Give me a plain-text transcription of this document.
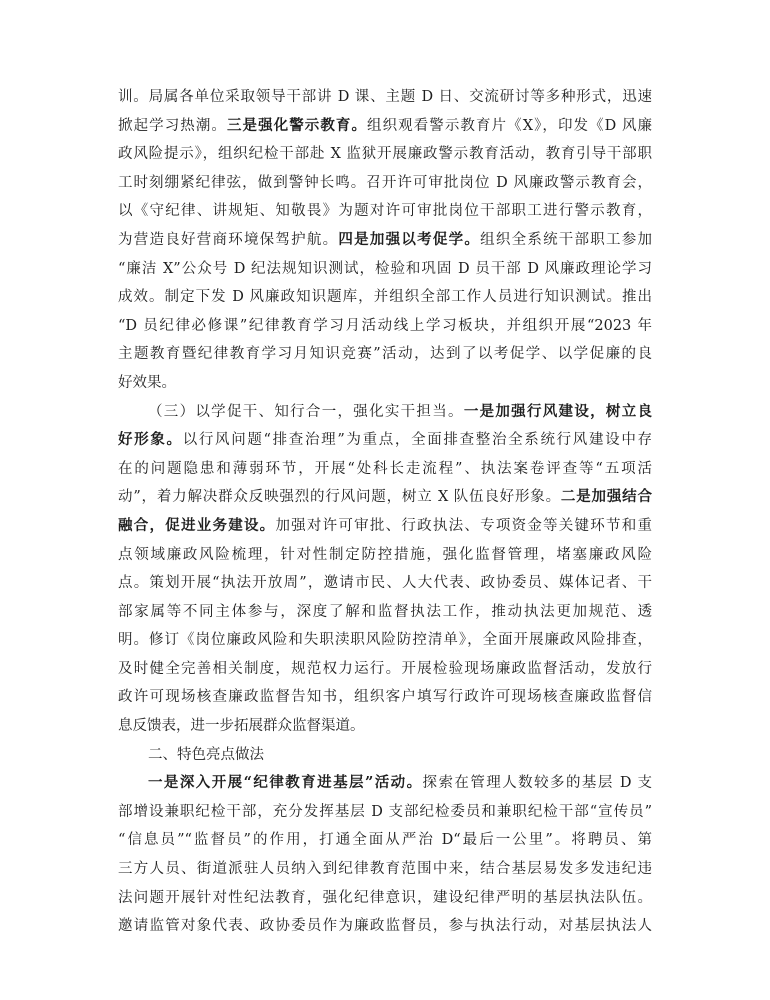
训。局属各单位采取领导干部讲 D 课、主题 D 日、交流研讨等多种形式，迅速
掀起学习热潮。三是强化警示教育。组织观看警示教育片《X》，印发《D 风廉
政风险提示》，组织纪检干部赴 X 监狱开展廉政警示教育活动，教育引导干部职
工时刻绷紧纪律弦，做到警钟长鸣。召开许可审批岗位 D 风廉政警示教育会，
以《守纪律、讲规矩、知敬畏》为题对许可审批岗位干部职工进行警示教育，
为营造良好营商环境保驾护航。四是加强以考促学。组织全系统干部职工参加
“廉洁 X”公众号 D 纪法规知识测试，检验和巩固 D 员干部 D 风廉政理论学习
成效。制定下发 D 风廉政知识题库，并组织全部工作人员进行知识测试。推出
“D 员纪律必修课”纪律教育学习月活动线上学习板块，并组织开展“2023 年
主题教育暨纪律教育学习月知识竞赛”活动，达到了以考促学、以学促廉的良
好效果。
（三）以学促干、知行合一，强化实干担当。一是加强行风建设，树立良
好形象。以行风问题“排查治理”为重点，全面排查整治全系统行风建设中存
在的问题隐患和薄弱环节，开展“处科长走流程”、执法案卷评查等“五项活
动”，着力解决群众反映强烈的行风问题，树立 X 队伍良好形象。二是加强结合
融合，促进业务建设。加强对许可审批、行政执法、专项资金等关键环节和重
点领域廉政风险梳理，针对性制定防控措施，强化监督管理，堵塞廉政风险
点。策划开展“执法开放周”，邀请市民、人大代表、政协委员、媒体记者、干
部家属等不同主体参与，深度了解和监督执法工作，推动执法更加规范、透
明。修订《岗位廉政风险和失职渎职风险防控清单》，全面开展廉政风险排查，
及时健全完善相关制度，规范权力运行。开展检验现场廉政监督活动，发放行
政许可现场核查廉政监督告知书，组织客户填写行政许可现场核查廉政监督信
息反馈表，进一步拓展群众监督渠道。
二、特色亮点做法
一是深入开展“纪律教育进基层”活动。探索在管理人数较多的基层 D 支
部增设兼职纪检干部，充分发挥基层 D 支部纪检委员和兼职纪检干部“宣传员”
“信息员”“监督员”的作用，打通全面从严治 D“最后一公里”。将聘员、第
三方人员、街道派驻人员纳入到纪律教育范围中来，结合基层易发多发违纪违
法问题开展针对性纪法教育，强化纪律意识，建设纪律严明的基层执法队伍。
邀请监管对象代表、政协委员作为廉政监督员，参与执法行动，对基层执法人
